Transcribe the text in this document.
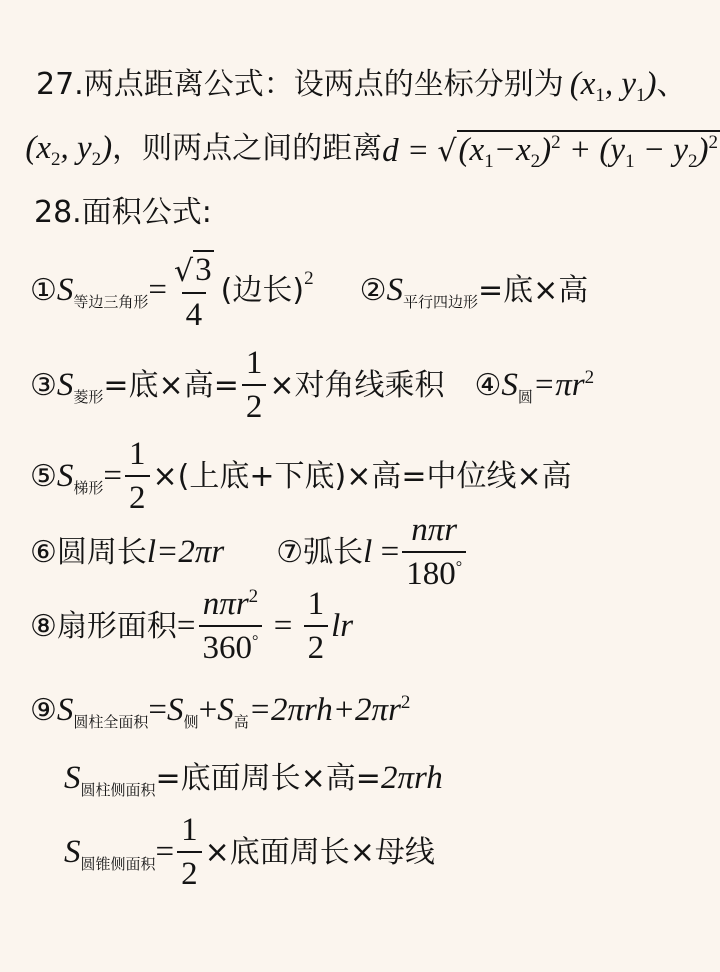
27.两点距离公式：设两点的坐标分别为 ($x_1$, $y_1$) 、
($x_2$, $y_2$) ，则两点之间的距离 d = √ $(x_1-x_2)^2 + (y_1 - y_2)^2$
28.面积公式:
① S 等边三角形 = $\frac{√ 3}{4}$ (边长) 2 ② S 平行四边形 =底×高
③ S 菱形 =底×高= $\frac{1}{2}$ ×对角线乘积 ④ S 圆 $=\pi r^2$
⑤ S 梯形 = $\frac{1}{2}$ ×(上底+下底)×高=中位线×高
⑥ 圆周长 l=2πr ⑦ 弧长 $l = \frac{\text{nπr}}{180^\circ}$
⑧ 扇形面积 = $\frac{n\pi r^2}{360^\circ} = \frac{1}{2}$ lr
⑨ S 圆柱全面积 = S 侧 + S 高 $=2\pi rh+2\pi r^2$
S 圆柱侧面积 =底面周长×高= 2πrh
S 圆锥侧面积 = $\frac{1}{2}$ ×底面周长×母线
